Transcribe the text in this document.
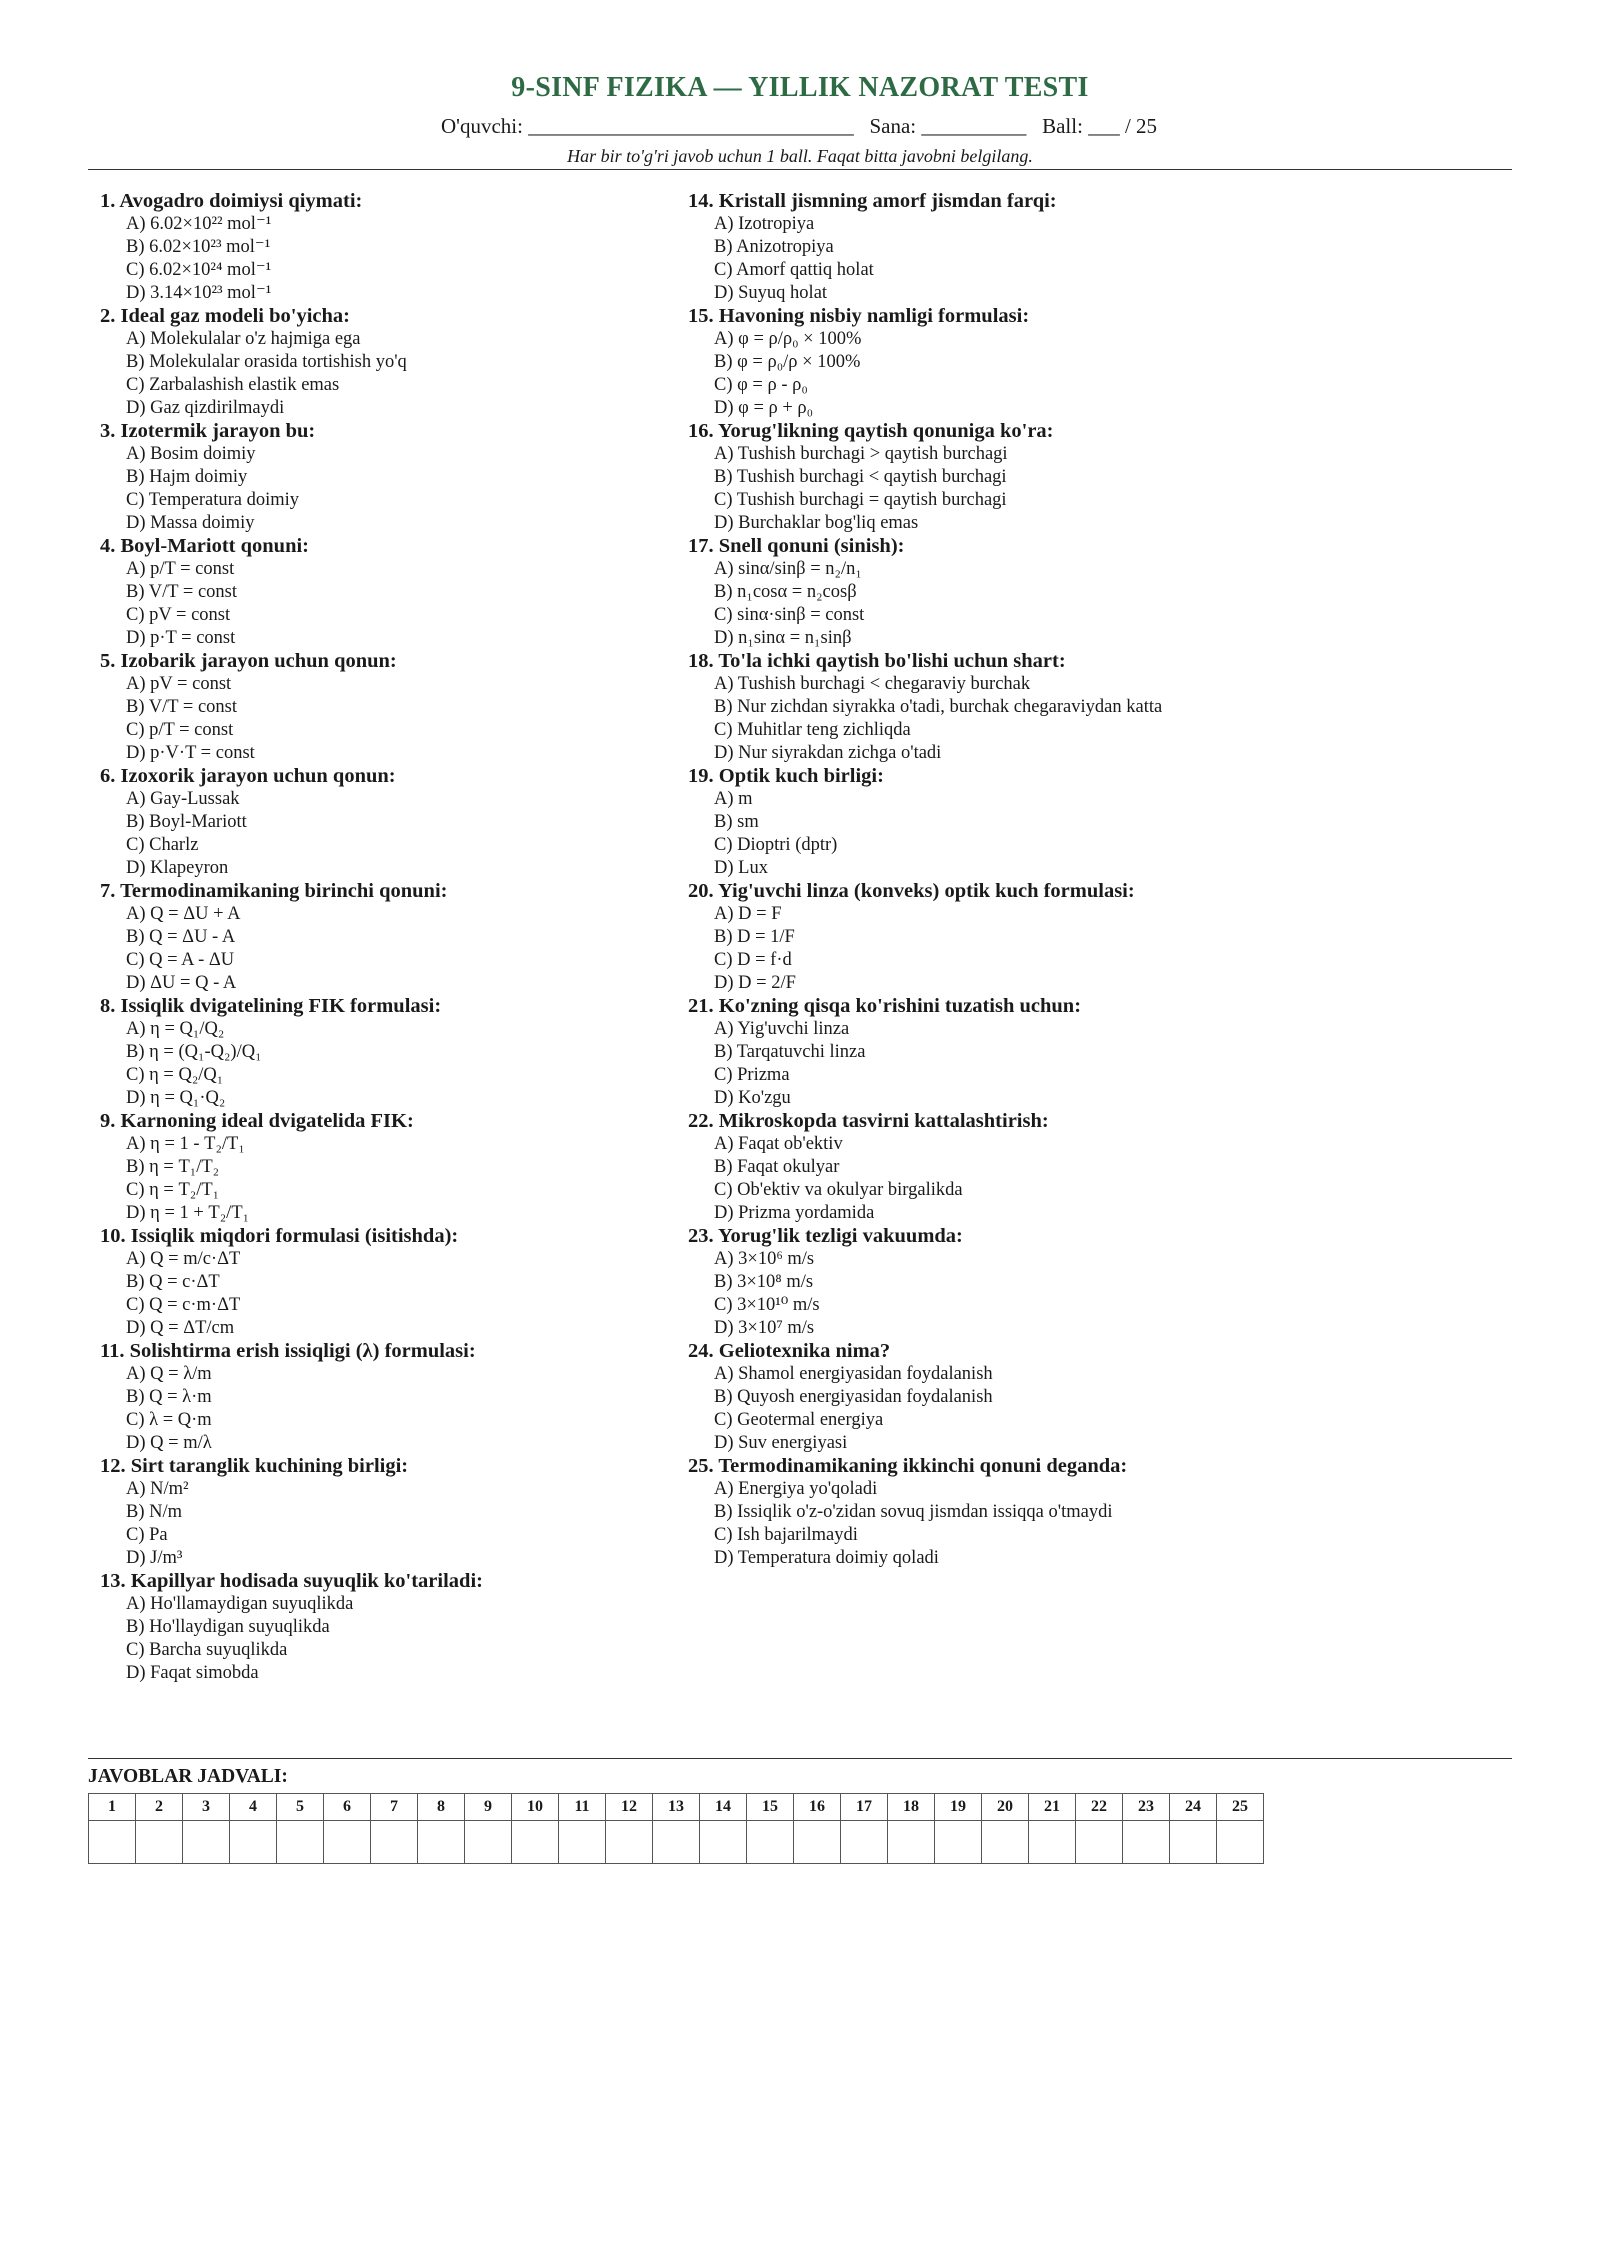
9-SINF FIZIKA — YILLIK NAZORAT TESTI
O'quvchi: _______________________________ Sana: __________ Ball: ___ / 25
Har bir to'g'ri javob uchun 1 ball. Faqat bitta javobni belgilang.
1. Avogadro doimiysi qiymati:
A) 6.02×10²² mol⁻¹
B) 6.02×10²³ mol⁻¹
C) 6.02×10²⁴ mol⁻¹
D) 3.14×10²³ mol⁻¹
2. Ideal gaz modeli bo'yicha:
A) Molekulalar o'z hajmiga ega
B) Molekulalar orasida tortishish yo'q
C) Zarbalashish elastik emas
D) Gaz qizdirilmaydi
3. Izotermik jarayon bu:
A) Bosim doimiy
B) Hajm doimiy
C) Temperatura doimiy
D) Massa doimiy
4. Boyl-Mariott qonuni:
A) p/T = const
B) V/T = const
C) pV = const
D) p·T = const
5. Izobarik jarayon uchun qonun:
A) pV = const
B) V/T = const
C) p/T = const
D) p·V·T = const
6. Izoxorik jarayon uchun qonun:
A) Gay-Lussak
B) Boyl-Mariott
C) Charlz
D) Klapeyron
7. Termodinamikaning birinchi qonuni:
A) Q = ΔU + A
B) Q = ΔU - A
C) Q = A - ΔU
D) ΔU = Q - A
8. Issiqlik dvigatelining FIK formulasi:
A) η = Q₁/Q₂
B) η = (Q₁-Q₂)/Q₁
C) η = Q₂/Q₁
D) η = Q₁·Q₂
9. Karnoning ideal dvigatelida FIK:
A) η = 1 - T₂/T₁
B) η = T₁/T₂
C) η = T₂/T₁
D) η = 1 + T₂/T₁
10. Issiqlik miqdori formulasi (isitishda):
A) Q = m/c·ΔT
B) Q = c·ΔT
C) Q = c·m·ΔT
D) Q = ΔT/cm
11. Solishtirma erish issiqligi (λ) formulasi:
A) Q = λ/m
B) Q = λ·m
C) λ = Q·m
D) Q = m/λ
12. Sirt taranglik kuchining birligi:
A) N/m²
B) N/m
C) Pa
D) J/m³
13. Kapillyar hodisada suyuqlik ko'tariladi:
A) Ho'llamaydigan suyuqlikda
B) Ho'llaydigan suyuqlikda
C) Barcha suyuqlikda
D) Faqat simobda
14. Kristall jismning amorf jismdan farqi:
A) Izotropiya
B) Anizotropiya
C) Amorf qattiq holat
D) Suyuq holat
15. Havoning nisbiy namligi formulasi:
A) φ = ρ/ρ₀ × 100%
B) φ = ρ₀/ρ × 100%
C) φ = ρ - ρ₀
D) φ = ρ + ρ₀
16. Yorug'likning qaytish qonuniga ko'ra:
A) Tushish burchagi > qaytish burchagi
B) Tushish burchagi < qaytish burchagi
C) Tushish burchagi = qaytish burchagi
D) Burchaklar bog'liq emas
17. Snell qonuni (sinish):
A) sinα/sinβ = n₂/n₁
B) n₁cosα = n₂cosβ
C) sinα·sinβ = const
D) n₁sinα = n₁sinβ
18. To'la ichki qaytish bo'lishi uchun shart:
A) Tushish burchagi < chegaraviy burchak
B) Nur zichdan siyrakka o'tadi, burchak chegaraviydan katta
C) Muhitlar teng zichliqda
D) Nur siyrakdan zichga o'tadi
19. Optik kuch birligi:
A) m
B) sm
C) Dioptri (dptr)
D) Lux
20. Yig'uvchi linza (konveks) optik kuch formulasi:
A) D = F
B) D = 1/F
C) D = f·d
D) D = 2/F
21. Ko'zning qisqa ko'rishini tuzatish uchun:
A) Yig'uvchi linza
B) Tarqatuvchi linza
C) Prizma
D) Ko'zgu
22. Mikroskopda tasvirni kattalashtirish:
A) Faqat ob'ektiv
B) Faqat okulyar
C) Ob'ektiv va okulyar birgalikda
D) Prizma yordamida
23. Yorug'lik tezligi vakuumda:
A) 3×10⁶ m/s
B) 3×10⁸ m/s
C) 3×10¹⁰ m/s
D) 3×10⁷ m/s
24. Geliotexnika nima?
A) Shamol energiyasidan foydalanish
B) Quyosh energiyasidan foydalanish
C) Geotermal energiya
D) Suv energiyasi
25. Termodinamikaning ikkinchi qonuni deganda:
A) Energiya yo'qoladi
B) Issiqlik o'z-o'zidan sovuq jismdan issiqqa o'tmaydi
C) Ish bajarilmaydi
D) Temperatura doimiy qoladi
JAVOBLAR JADVALI:
1	2	3	4	5	6	7	8	9	10	11	12	13	14	15	16	17	18	19	20	21	22	23	24	25
